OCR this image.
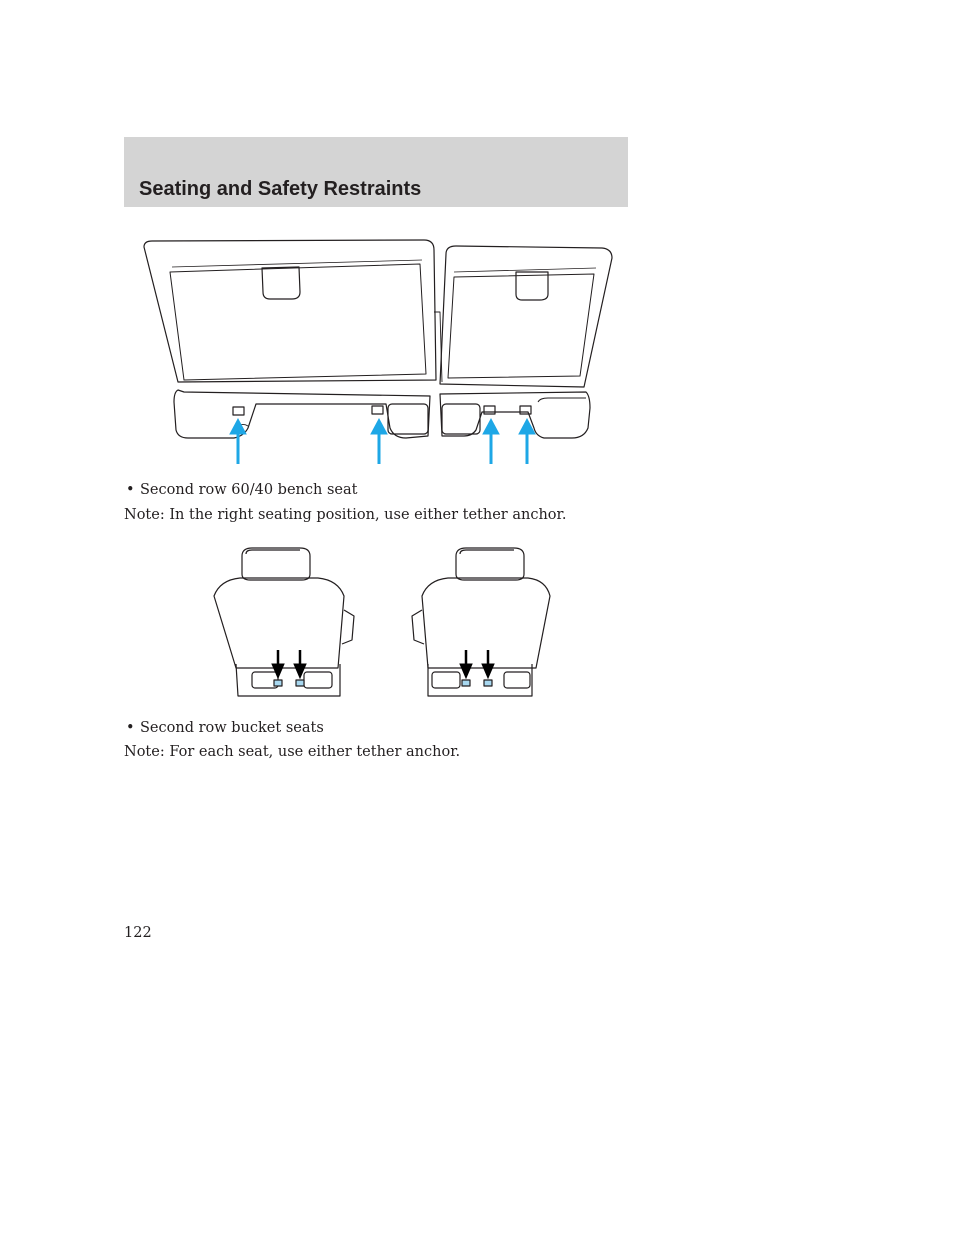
Seating and Safety Restraints
• Second row 60/40 bench seat
Note: In the right seating position, use either tether anchor.
• Second row bucket seats
Note: For each seat, use either tether anchor.
122
